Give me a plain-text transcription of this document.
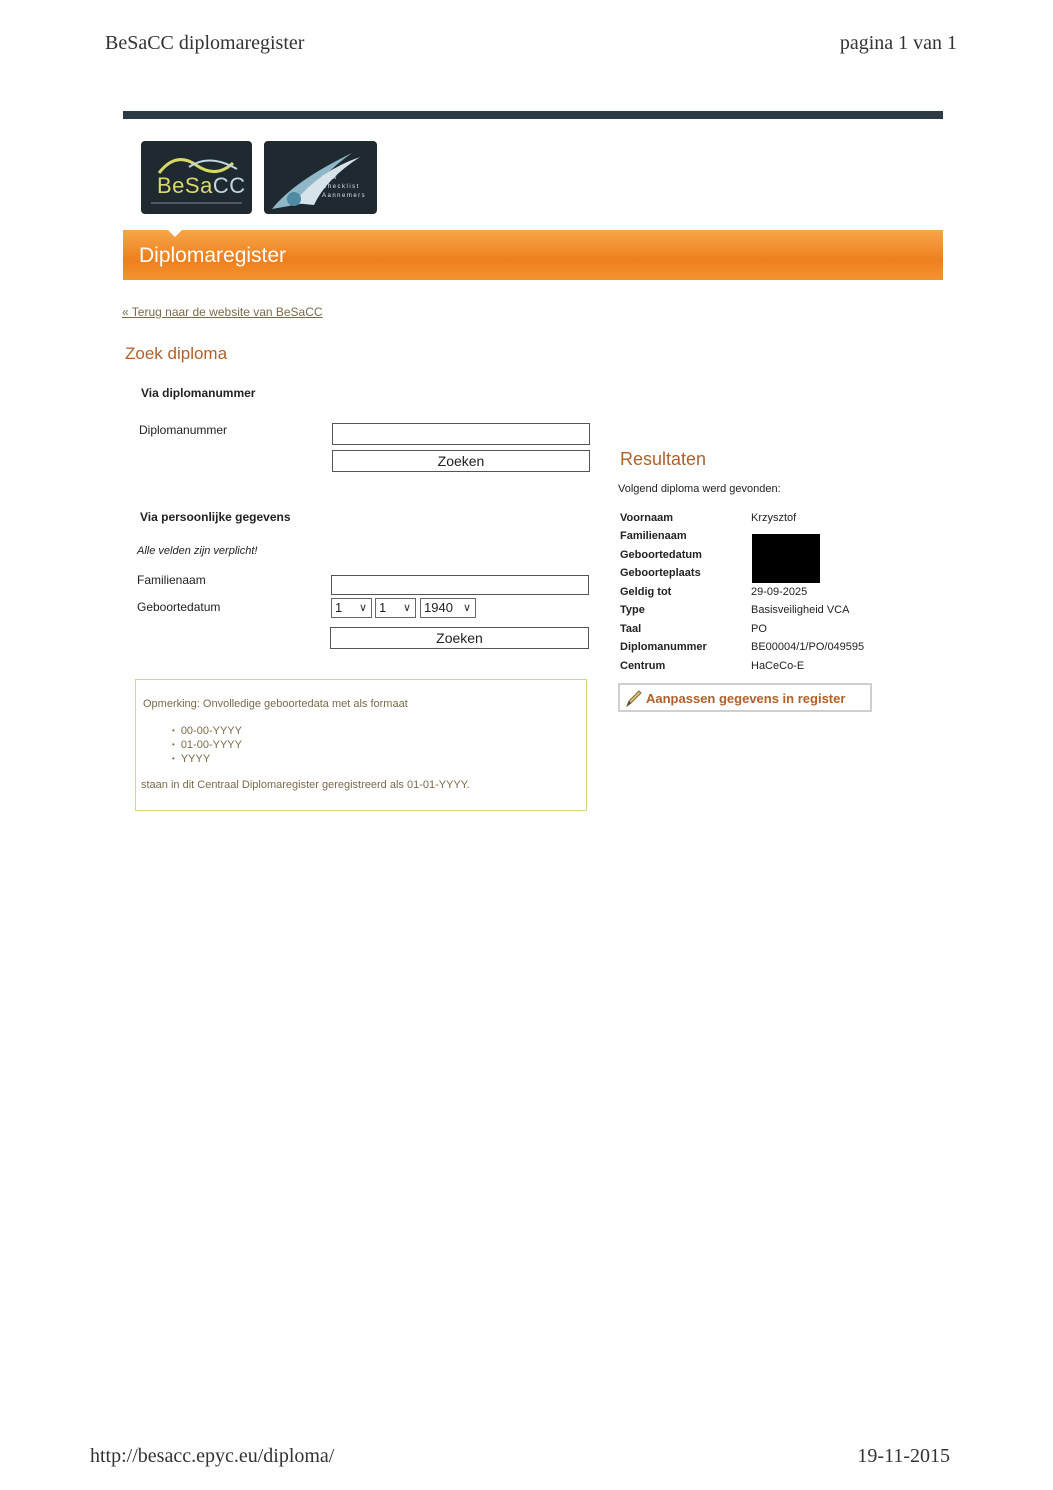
BeSaCC diplomaregister	pagina 1 van 1
http://besacc.epyc.eu/diploma/	19-11-2015
BeSaCC	Vzw
Checklist
Aannemers
Diplomaregister
« Terug naar de website van BeSaCC
Zoek diploma
Via diplomanummer
Diplomanummer
Zoeken
Via persoonlijke gegevens
Alle velden zijn verplicht!
Familienaam
Geboortedatum	1 ∨ 1 ∨	1940 ∨
Zoeken
Opmerking: Onvolledige geboortedata met als formaat
• 00-00-YYYY
• 01-00-YYYY
• YYYY
staan in dit Centraal Diplomaregister geregistreerd als 01-01-YYYY.
Resultaten
Volgend diploma werd gevonden:
Voornaam	Krzysztof
Familienaam
Geboortedatum
Geboorteplaats
Geldig tot	29-09-2025
Type	Basisveiligheid VCA
Taal	PO
Diplomanummer	BE00004/1/PO/049595
Centrum	HaCeCo-E
Aanpassen gegevens in register
